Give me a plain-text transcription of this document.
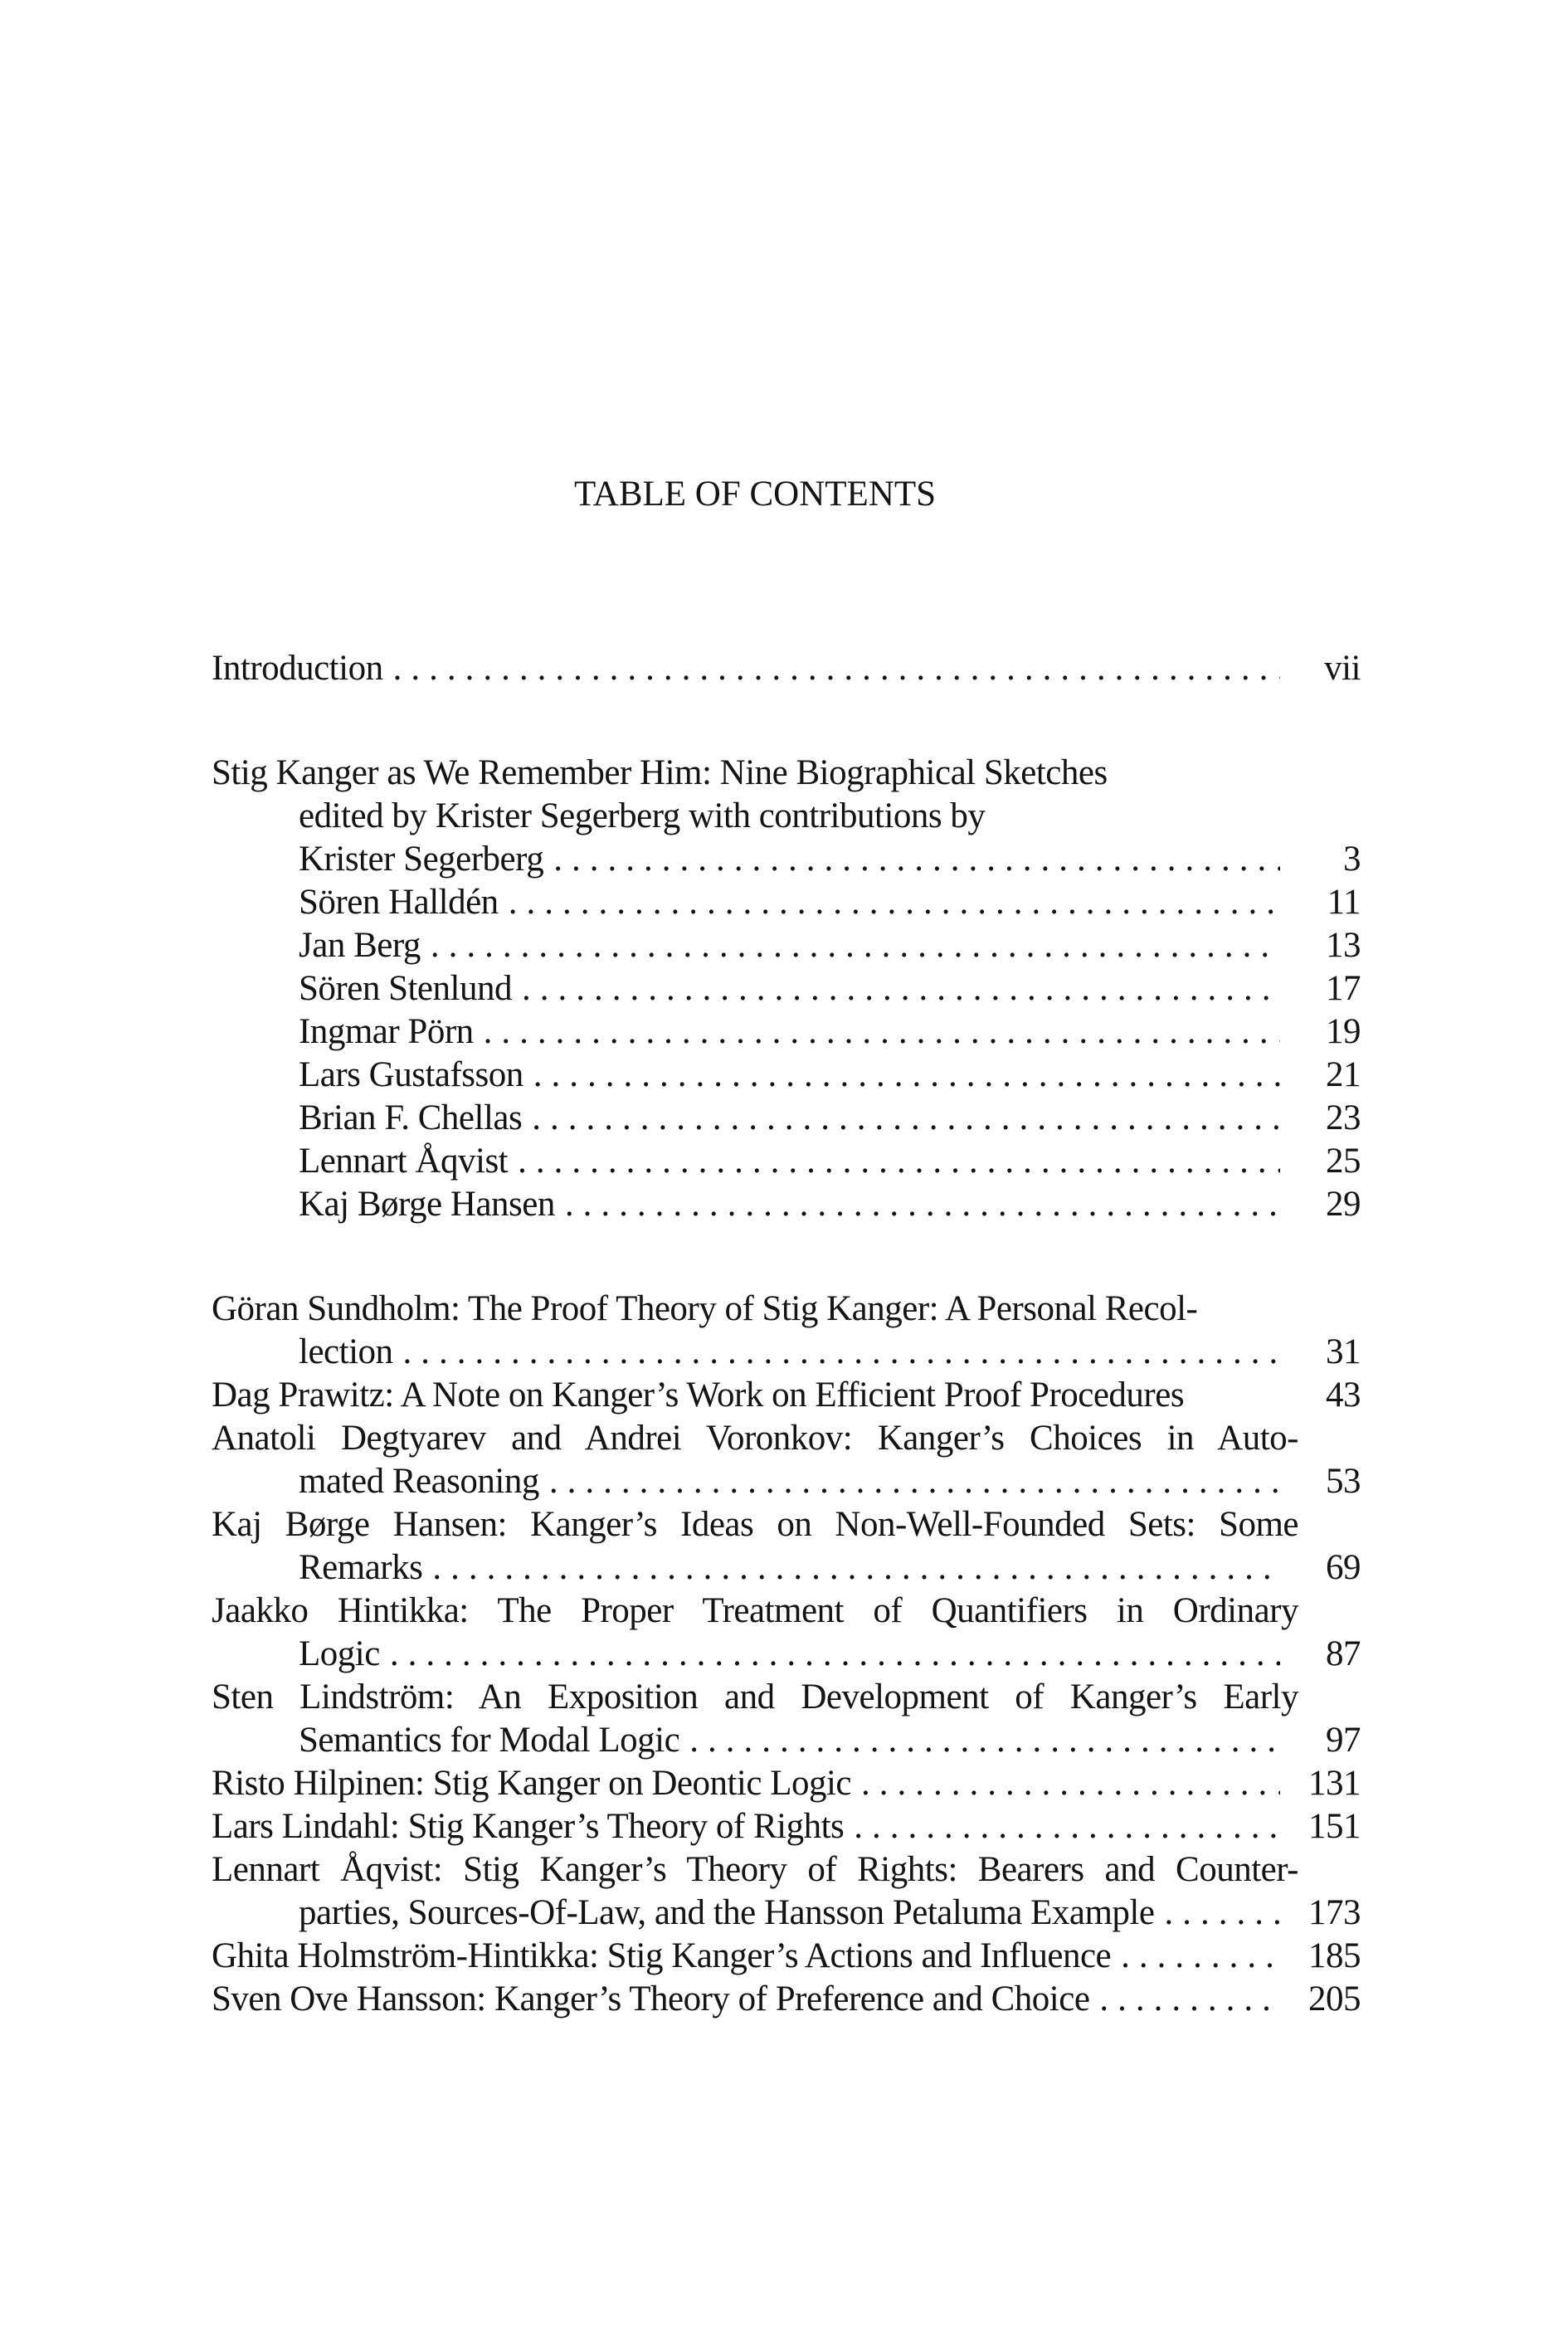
TABLE OF CONTENTS
Introduction .....	vii
Stig Kanger as We Remember Him: Nine Biographical Sketches
edited by Krister Segerberg with contributions by
Krister Segerberg .....	3
Sören Halldén .....	11
Jan Berg .....	13
Sören Stenlund .....	17
Ingmar Pörn .....	19
Lars Gustafsson .....	21
Brian F. Chellas .....	23
Lennart Åqvist .....	25
Kaj Børge Hansen .....	29
Göran Sundholm: The Proof Theory of Stig Kanger: A Personal Recol-
lection .....	31
Dag Prawitz: A Note on Kanger’s Work on Efficient Proof Procedures	43
Anatoli Degtyarev and Andrei Voronkov: Kanger’s Choices in Auto-
mated Reasoning .....	53
Kaj Børge Hansen: Kanger’s Ideas on Non-Well-Founded Sets: Some
Remarks .....	69
Jaakko Hintikka: The Proper Treatment of Quantifiers in Ordinary
Logic .....	87
Sten Lindström: An Exposition and Development of Kanger’s Early
Semantics for Modal Logic .....	97
Risto Hilpinen: Stig Kanger on Deontic Logic .....	131
Lars Lindahl: Stig Kanger’s Theory of Rights .....	151
Lennart Åqvist: Stig Kanger’s Theory of Rights: Bearers and Counter-
parties, Sources-Of-Law, and the Hansson Petaluma Example .....	173
Ghita Holmström-Hintikka: Stig Kanger’s Actions and Influence .....	185
Sven Ove Hansson: Kanger’s Theory of Preference and Choice .....	205
